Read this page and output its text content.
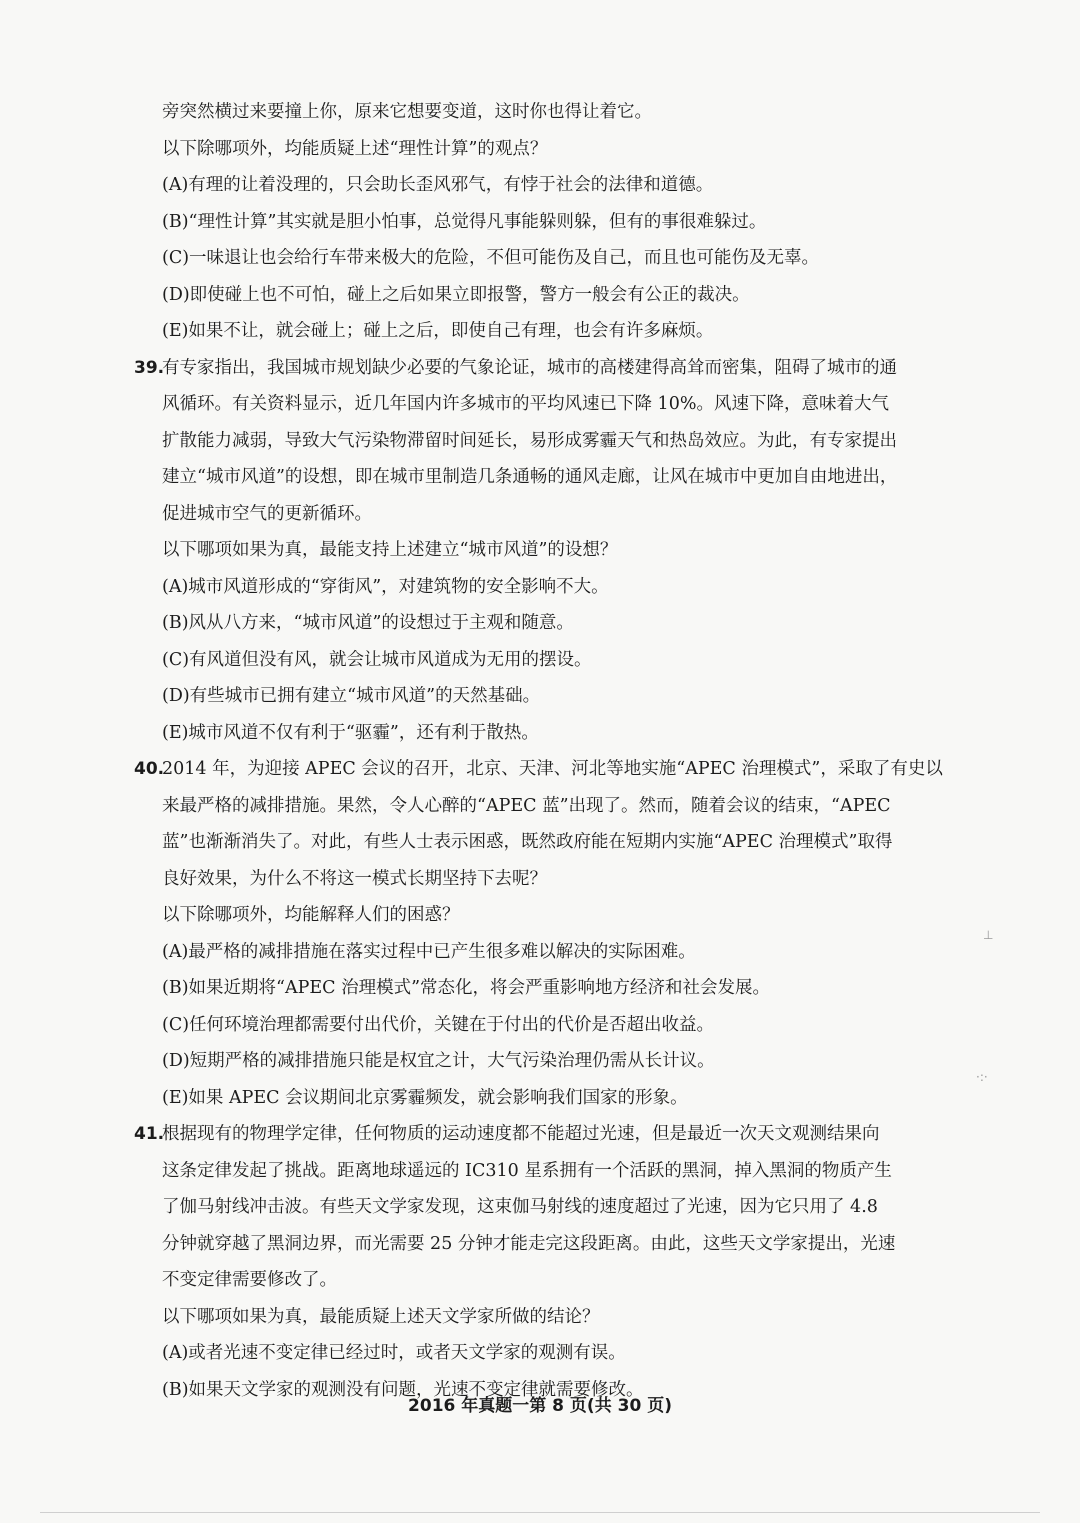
旁突然横过来要撞上你，原来它想要变道，这时你也得让着它。

以下除哪项外，均能质疑上述“理性计算”的观点？

(A)有理的让着没理的，只会助长歪风邪气，有悖于社会的法律和道德。

(B)“理性计算”其实就是胆小怕事，总觉得凡事能躲则躲，但有的事很难躲过。

(C)一味退让也会给行车带来极大的危险，不但可能伤及自己，而且也可能伤及无辜。

(D)即使碰上也不可怕，碰上之后如果立即报警，警方一般会有公正的裁决。

(E)如果不让，就会碰上；碰上之后，即使自己有理，也会有许多麻烦。

39.

有专家指出，我国城市规划缺少必要的气象论证，城市的高楼建得高耸而密集，阻碍了城市的通

风循环。有关资料显示，近几年国内许多城市的平均风速已下降 10%。风速下降，意味着大气

扩散能力减弱，导致大气污染物滞留时间延长，易形成雾霾天气和热岛效应。为此，有专家提出

建立“城市风道”的设想，即在城市里制造几条通畅的通风走廊，让风在城市中更加自由地进出，

促进城市空气的更新循环。

以下哪项如果为真，最能支持上述建立“城市风道”的设想？

(A)城市风道形成的“穿街风”，对建筑物的安全影响不大。

(B)风从八方来，“城市风道”的设想过于主观和随意。

(C)有风道但没有风，就会让城市风道成为无用的摆设。

(D)有些城市已拥有建立“城市风道”的天然基础。

(E)城市风道不仅有利于“驱霾”，还有利于散热。

40.

2014 年，为迎接 APEC 会议的召开，北京、天津、河北等地实施“APEC 治理模式”，采取了有史以

来最严格的减排措施。果然，令人心醉的“APEC 蓝”出现了。然而，随着会议的结束，“APEC

蓝”也渐渐消失了。对此，有些人士表示困惑，既然政府能在短期内实施“APEC 治理模式”取得

良好效果，为什么不将这一模式长期坚持下去呢？

以下除哪项外，均能解释人们的困惑？

(A)最严格的减排措施在落实过程中已产生很多难以解决的实际困难。

(B)如果近期将“APEC 治理模式”常态化，将会严重影响地方经济和社会发展。

(C)任何环境治理都需要付出代价，关键在于付出的代价是否超出收益。

(D)短期严格的减排措施只能是权宜之计，大气污染治理仍需从长计议。

(E)如果 APEC 会议期间北京雾霾频发，就会影响我们国家的形象。

41.

根据现有的物理学定律，任何物质的运动速度都不能超过光速，但是最近一次天文观测结果向

这条定律发起了挑战。距离地球遥远的 IC310 星系拥有一个活跃的黑洞，掉入黑洞的物质产生

了伽马射线冲击波。有些天文学家发现，这束伽马射线的速度超过了光速，因为它只用了 4.8

分钟就穿越了黑洞边界，而光需要 25 分钟才能走完这段距离。由此，这些天文学家提出，光速

不变定律需要修改了。

以下哪项如果为真，最能质疑上述天文学家所做的结论？

(A)或者光速不变定律已经过时，或者天文学家的观测有误。

(B)如果天文学家的观测没有问题，光速不变定律就需要修改。

2016 年真题一第 8 页(共 30 页)
⊥
·:·
